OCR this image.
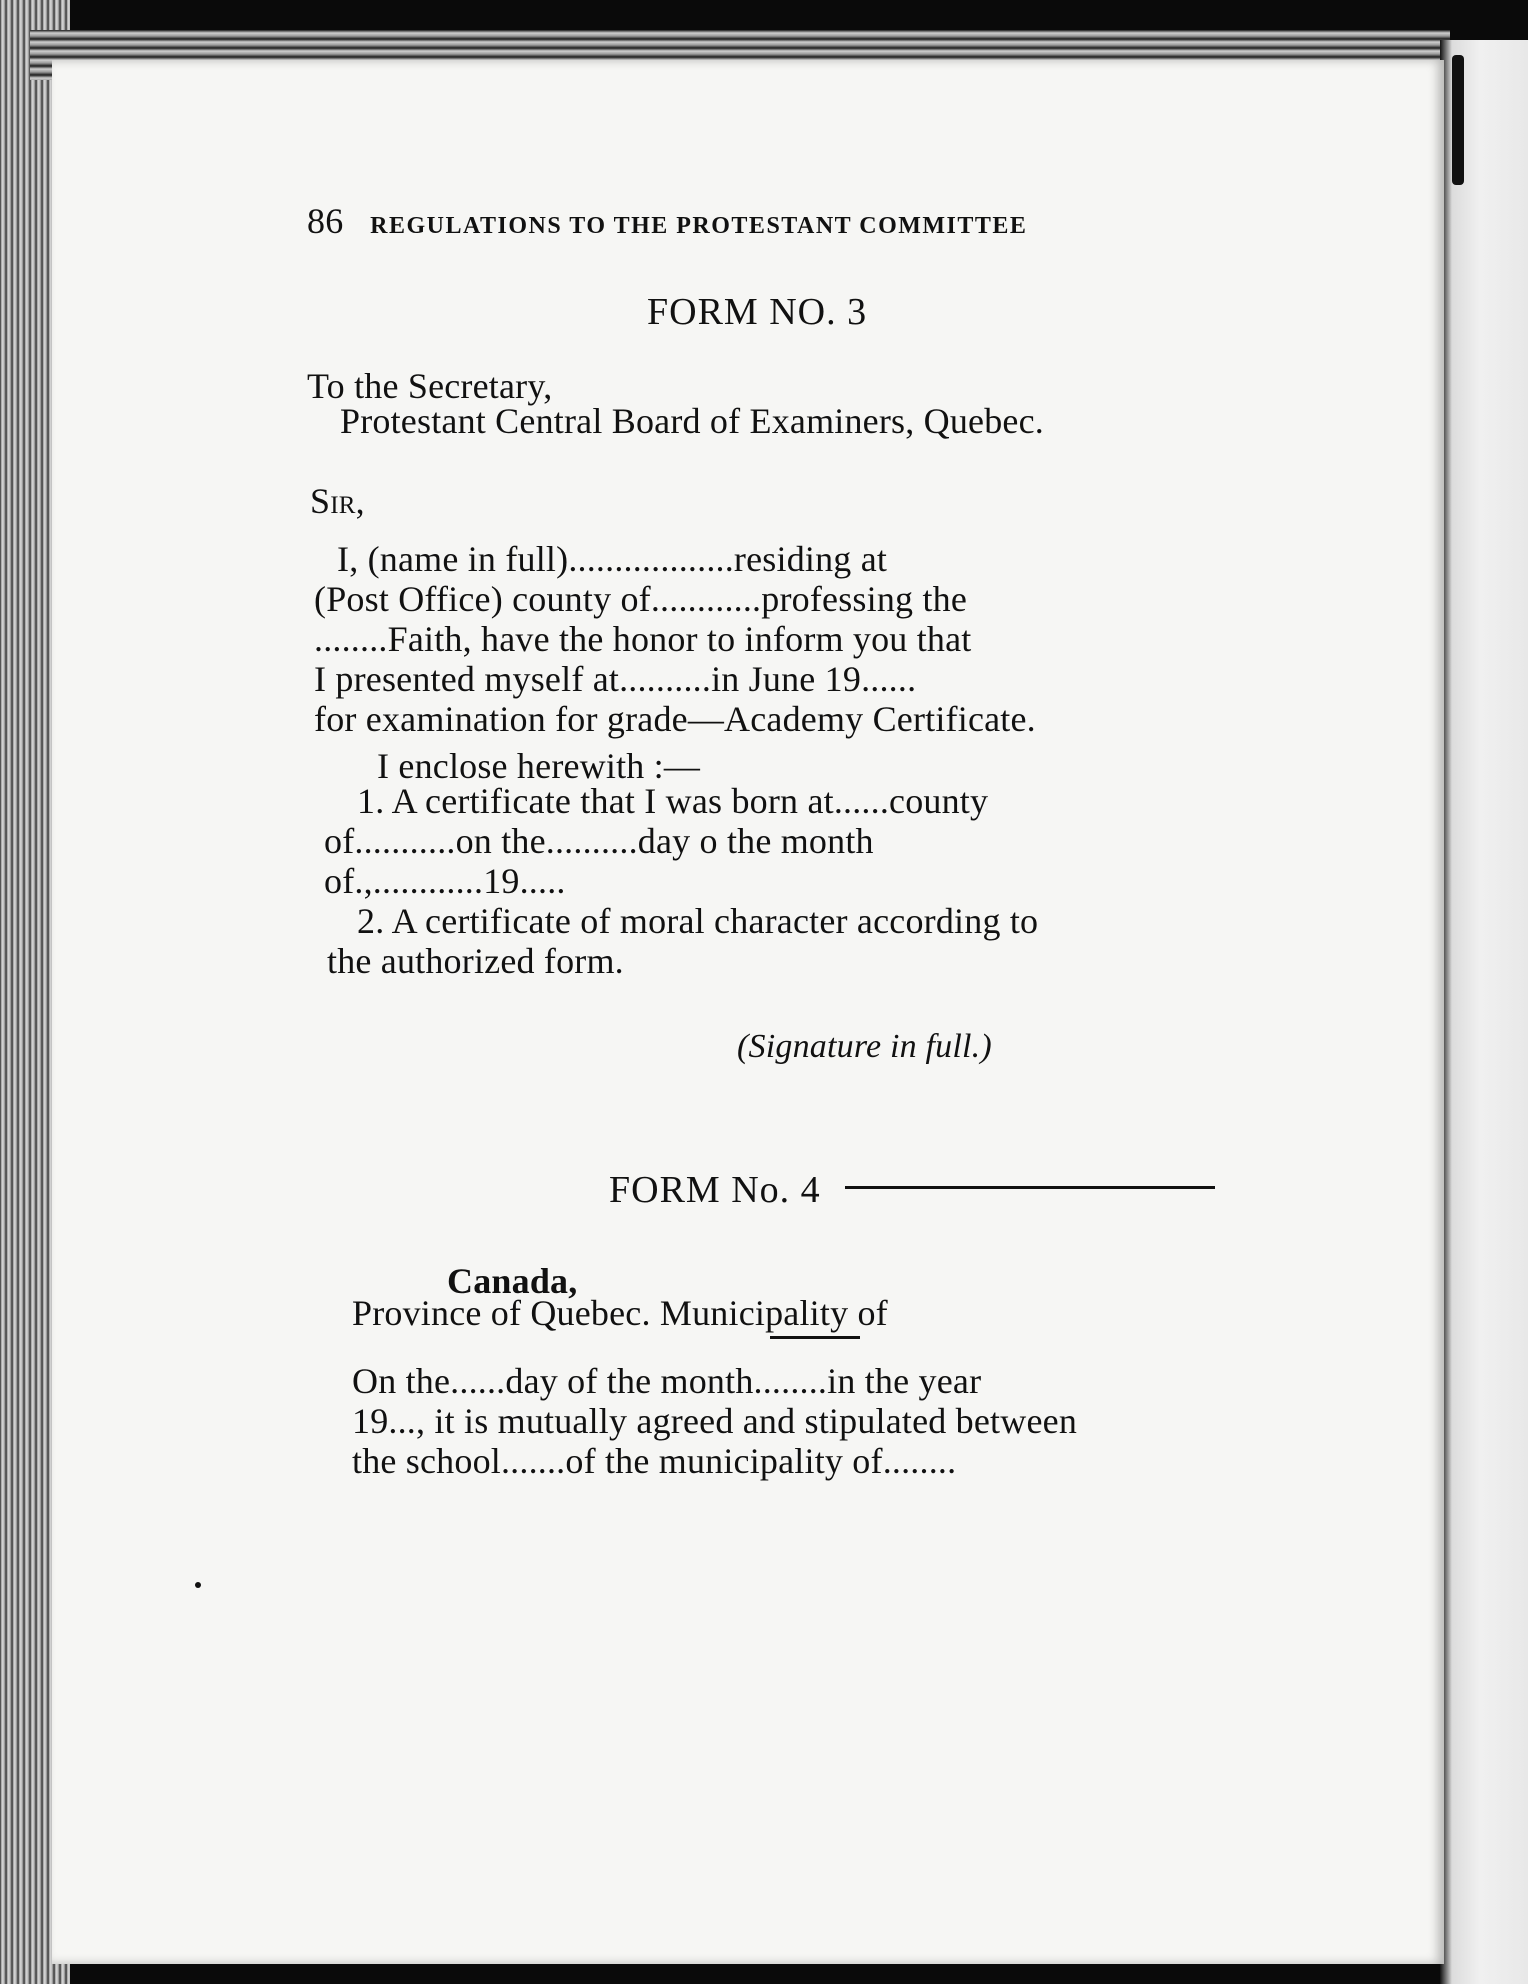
86 REGULATIONS TO THE PROTESTANT COMMITTEE
FORM NO. 3
To the Secretary,
Protestant Central Board of Examiners, Quebec.
Sir,
I, (name in full)..................residing at
(Post Office) county of............professing the
........Faith, have the honor to inform you that
I presented myself at..........in June 19......
for examination for grade—Academy Certificate.
I enclose herewith :—
1. A certificate that I was born at......county
of...........on the..........day o the month
of.,............19.....
2. A certificate of moral character according to
the authorized form.
(Signature in full.)
FORM No. 4
Canada,
Province of Quebec. Municipality of
On the......day of the month........in the year
19..., it is mutually agreed and stipulated between
the school.......of the municipality of........
